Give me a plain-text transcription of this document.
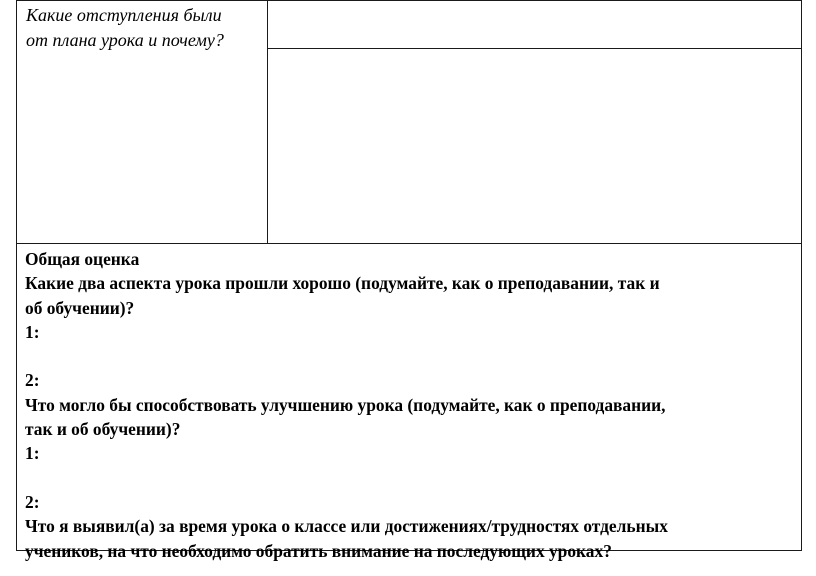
Какие отступления были
от плана урока и почему?
Общая оценка
Какие два аспекта урока прошли хорошо (подумайте, как о преподавании, так и
об обучении)?
1:
2:
Что могло бы способствовать улучшению урока (подумайте, как о преподавании,
так и об обучении)?
1:
2:
Что я выявил(а) за время урока о классе или достижениях/трудностях отдельных
учеников, на что необходимо обратить внимание на последующих уроках?
